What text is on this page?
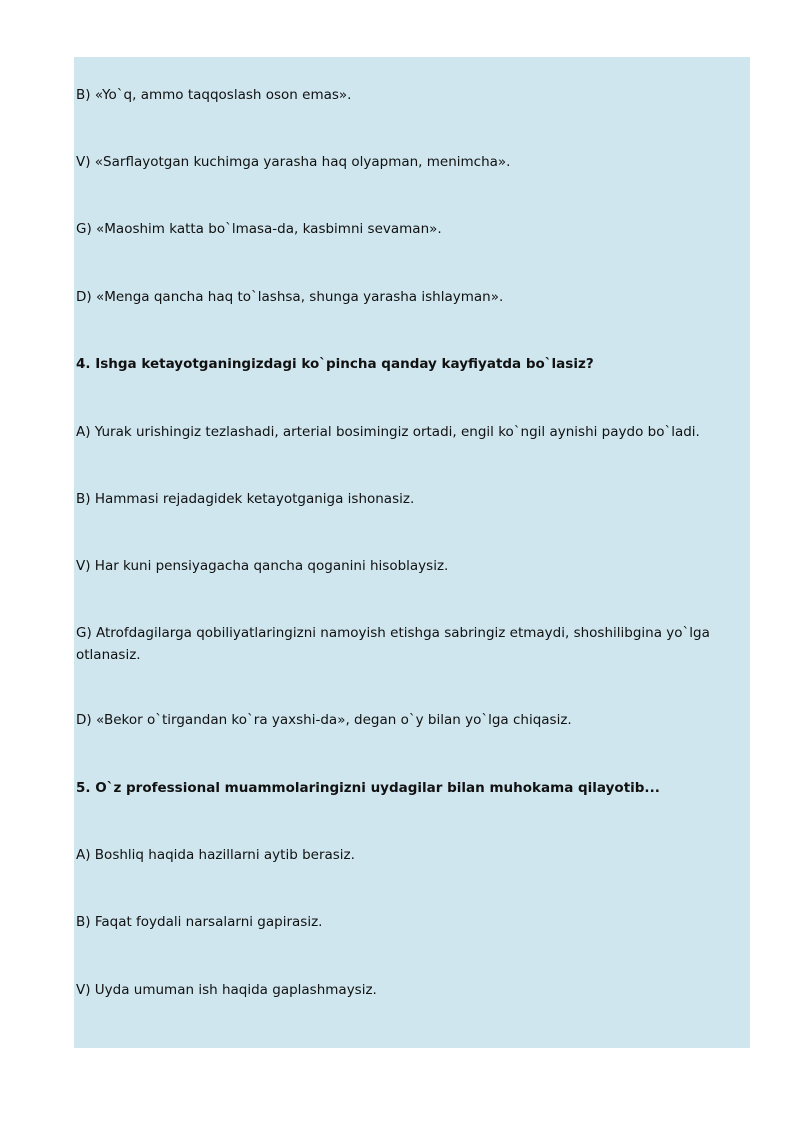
B) «Yo`q, ammo taqqoslash oson emas».
V) «Sarflayotgan kuchimga yarasha haq olyapman, menimcha».
G) «Maoshim katta bo`lmasa-da, kasbimni sevaman».
D) «Menga qancha haq to`lashsa, shunga yarasha ishlayman».
4. Ishga ketayotganingizdagi ko`pincha qanday kayfiyatda bo`lasiz?
A) Yurak urishingiz tezlashadi, arterial bosimingiz ortadi, engil ko`ngil aynishi paydo bo`ladi.
B) Hammasi rejadagidek ketayotganiga ishonasiz.
V) Har kuni pensiyagacha qancha qoganini hisoblaysiz.
G) Atrofdagilarga qobiliyatlaringizni namoyish etishga sabringiz etmaydi, shoshilibgina yo`lga otlanasiz.
D) «Bekor o`tirgandan ko`ra yaxshi-da», degan o`y bilan yo`lga chiqasiz.
5. O`z professional muammolaringizni uydagilar bilan muhokama qilayotib...
A) Boshliq haqida hazillarni aytib berasiz.
B) Faqat foydali narsalarni gapirasiz.
V) Uyda umuman ish haqida gaplashmaysiz.
